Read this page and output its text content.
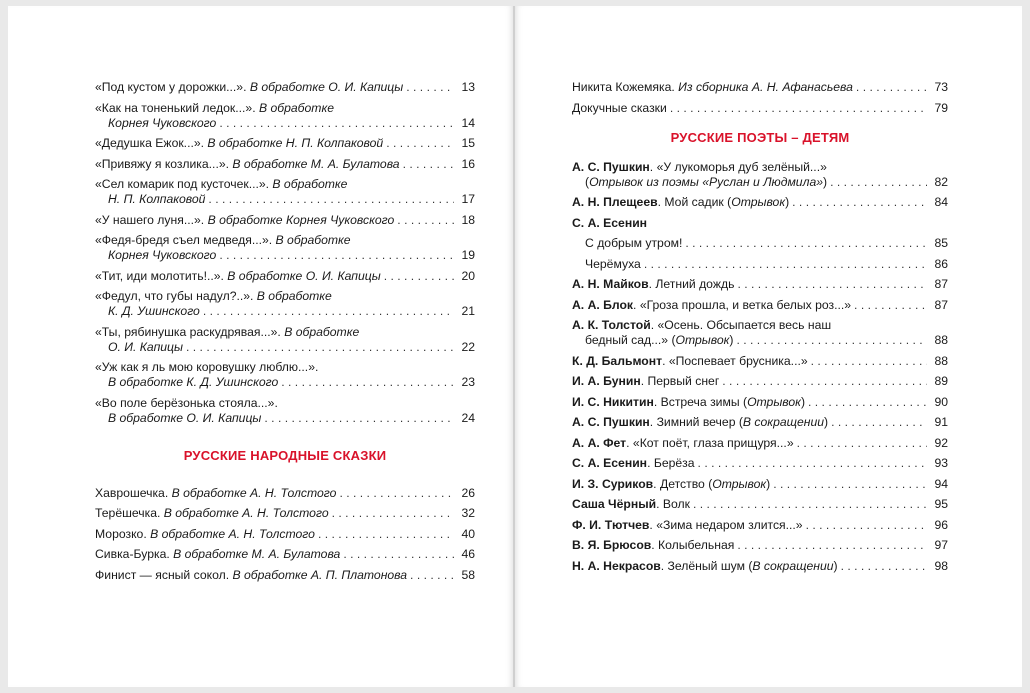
«Под кустом у дорожки...». В обработке О. И. Капицы . . .	13
«Как на тоненький ледок...». В обработке
Корнея Чуковского . . .	14
«Дедушка Ежок...». В обработке Н. П. Колпаковой . . .	15
«Привяжу я козлика...». В обработке М. А. Булатова . . .	16
«Сел комарик под кусточек...». В обработке
Н. П. Колпаковой . . .	17
«У нашего луня...». В обработке Корнея Чуковского . . .	18
«Федя-бредя съел медведя...». В обработке
Корнея Чуковского . . .	19
«Тит, иди молотить!..». В обработке О. И. Капицы . . .	20
«Федул, что губы надул?..». В обработке
К. Д. Ушинского . . .	21
«Ты, рябинушка раскудрявая...». В обработке
О. И. Капицы . . .	22
«Уж как я ль мою коровушку люблю...».
В обработке К. Д. Ушинского . . .	23
«Во поле берёзонька стояла...».
В обработке О. И. Капицы . . .	24
РУССКИЕ НАРОДНЫЕ СКАЗКИ
Хаврошечка. В обработке А. Н. Толстого . . .	26
Терёшечка. В обработке А. Н. Толстого . . .	32
Морозко. В обработке А. Н. Толстого . . .	40
Сивка-Бурка. В обработке М. А. Булатова . . .	46
Финист — ясный сокол. В обработке А. П. Платонова . . .	58
Никита Кожемяка. Из сборника А. Н. Афанасьева . . .	73
Докучные сказки . . .	79
РУССКИЕ ПОЭТЫ – ДЕТЯМ
А. С. Пушкин. «У лукоморья дуб зелёный...»
(Отрывок из поэмы «Руслан и Людмила») . . .	82
А. Н. Плещеев. Мой садик (Отрывок) . . .	84
С. А. Есенин
С добрым утром! . . .	85
Черёмуха . . .	86
А. Н. Майков. Летний дождь . . .	87
А. А. Блок. «Гроза прошла, и ветка белых роз...» . . .	87
А. К. Толстой. «Осень. Обсыпается весь наш
бедный сад...» (Отрывок) . . .	88
К. Д. Бальмонт. «Поспевает брусника...» . . .	88
И. А. Бунин. Первый снег . . .	89
И. С. Никитин. Встреча зимы (Отрывок) . . .	90
А. С. Пушкин. Зимний вечер (В сокращении) . . .	91
А. А. Фет. «Кот поёт, глаза прищуря...» . . .	92
С. А. Есенин. Берёза . . .	93
И. З. Суриков. Детство (Отрывок) . . .	94
Саша Чёрный. Волк . . .	95
Ф. И. Тютчев. «Зима недаром злится...» . . .	96
В. Я. Брюсов. Колыбельная . . .	97
Н. А. Некрасов. Зелёный шум (В сокращении) . . .	98
